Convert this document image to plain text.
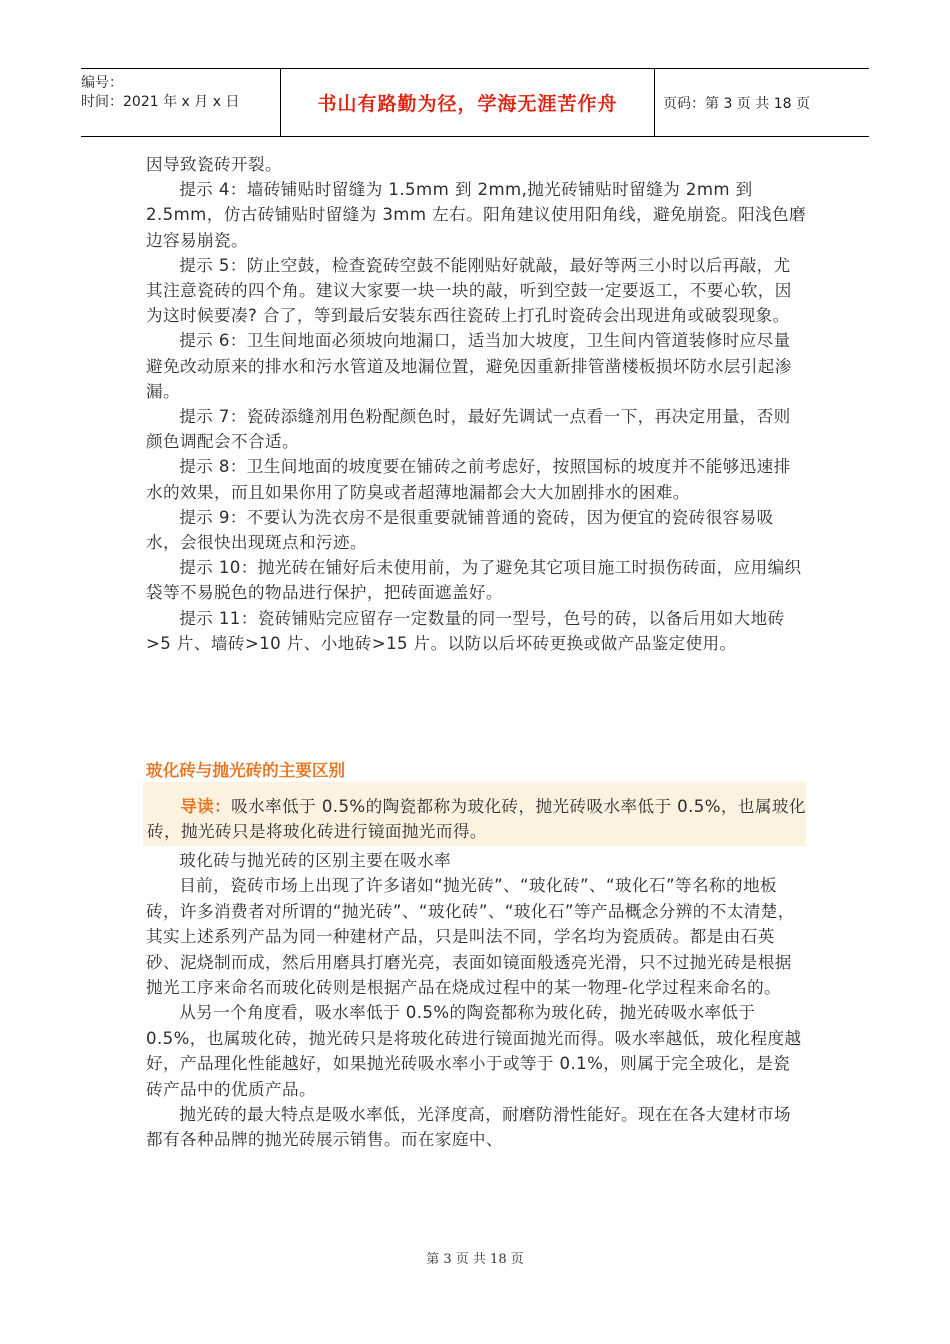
编号：
时间：2021 年 x 月 x 日	书山有路勤为径，学海无涯苦作舟	页码：第 3 页 共 18 页

因导致瓷砖开裂。

提示 4：墙砖铺贴时留缝为 1.5mm 到 2mm,抛光砖铺贴时留缝为 2mm 到 2.5mm，仿古砖铺贴时留缝为 3mm 左右。阳角建议使用阳角线，避免崩瓷。阳浅色磨边容易崩瓷。

提示 5：防止空鼓，检查瓷砖空鼓不能刚贴好就敲，最好等两三小时以后再敲，尤其注意瓷砖的四个角。建议大家要一块一块的敲，听到空鼓一定要返工，不要心软，因为这时候要凑? 合了，等到最后安装东西往瓷砖上打孔时瓷砖会出现进角或破裂现象。

提示 6：卫生间地面必须坡向地漏口，适当加大坡度，卫生间内管道装修时应尽量避免改动原来的排水和污水管道及地漏位置，避免因重新排管凿楼板损坏防水层引起渗漏。

提示 7：瓷砖添缝剂用色粉配颜色时，最好先调试一点看一下，再决定用量，否则颜色调配会不合适。

提示 8：卫生间地面的坡度要在铺砖之前考虑好，按照国标的坡度并不能够迅速排水的效果，而且如果你用了防臭或者超薄地漏都会大大加剧排水的困难。

提示 9：不要认为洗衣房不是很重要就铺普通的瓷砖，因为便宜的瓷砖很容易吸水，会很快出现斑点和污迹。

提示 10：抛光砖在铺好后未使用前，为了避免其它项目施工时损伤砖面，应用编织袋等不易脱色的物品进行保护，把砖面遮盖好。

提示 11：瓷砖铺贴完应留存一定数量的同一型号，色号的砖，以备后用如大地砖>5 片、墙砖>10 片、小地砖>15 片。以防以后坏砖更换或做产品鉴定使用。

玻化砖与抛光砖的主要区别
导读：吸水率低于 0.5%的陶瓷都称为玻化砖，抛光砖吸水率低于 0.5%，也属玻化砖，抛光砖只是将玻化砖进行镜面抛光而得。

玻化砖与抛光砖的区别主要在吸水率

目前，瓷砖市场上出现了许多诸如“抛光砖”、“玻化砖”、“玻化石”等名称的地板砖，许多消费者对所谓的“抛光砖”、“玻化砖”、“玻化石”等产品概念分辨的不太清楚，其实上述系列产品为同一种建材产品，只是叫法不同，学名均为瓷质砖。都是由石英砂、泥烧制而成，然后用磨具打磨光亮，表面如镜面般透亮光滑，只不过抛光砖是根据抛光工序来命名而玻化砖则是根据产品在烧成过程中的某一物理-化学过程来命名的。

从另一个角度看，吸水率低于 0.5%的陶瓷都称为玻化砖，抛光砖吸水率低于 0.5%，也属玻化砖，抛光砖只是将玻化砖进行镜面抛光而得。吸水率越低，玻化程度越好，产品理化性能越好，如果抛光砖吸水率小于或等于 0.1%，则属于完全玻化，是瓷砖产品中的优质产品。

抛光砖的最大特点是吸水率低，光泽度高，耐磨防滑性能好。现在在各大建材市场都有各种品牌的抛光砖展示销售。而在家庭中、

第 3 页 共 18 页
